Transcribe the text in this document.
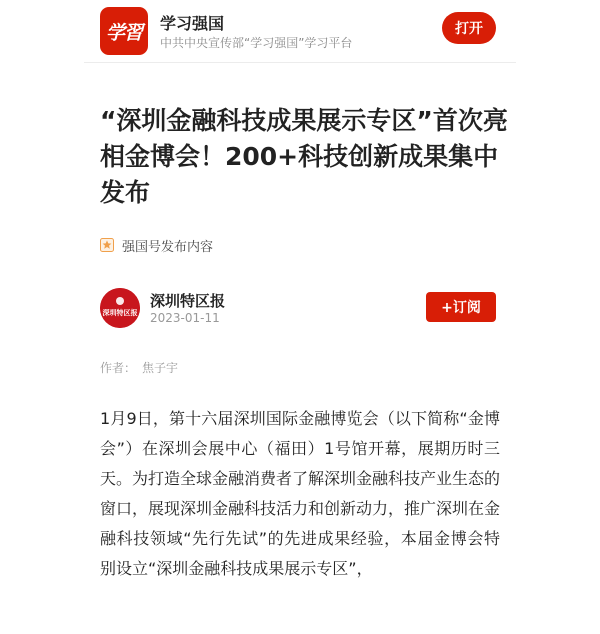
学習	学习强国
中共中央宣传部“学习强国”学习平台
打开
“深圳金融科技成果展示专区”首次亮相金博会！200+科技创新成果集中发布
强国号发布内容
深圳特区报
深圳特区报
2023-01-11
+订阅
作者： 焦子宇

1月9日，第十六届深圳国际金融博览会（以下简称“金博会”）在深圳会展中心（福田）1号馆开幕，展期历时三天。为打造全球金融消费者了解深圳金融科技产业生态的窗口，展现深圳金融科技活力和创新动力，推广深圳在金融科技领域“先行先试”的先进成果经验，本届金博会特别设立“深圳金融科技成果展示专区”，
